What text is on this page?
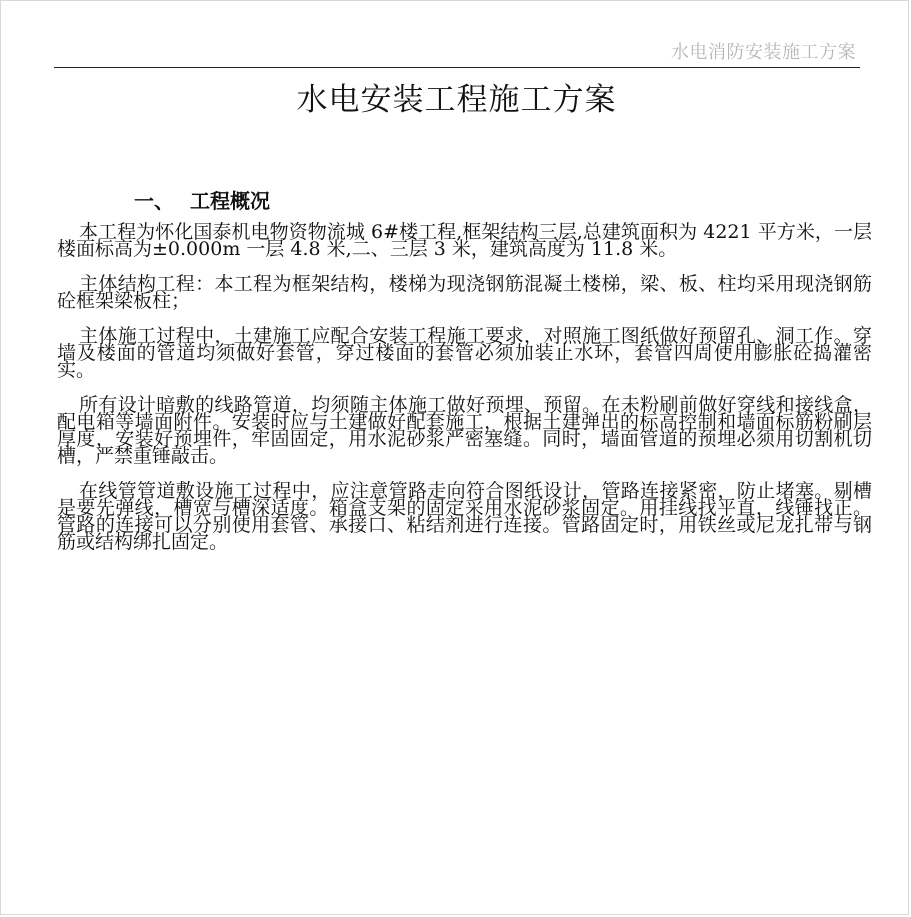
水电消防安装施工方案
水电安装工程施工方案
一、 工程概况

本工程为怀化国泰机电物资物流城 6#楼工程,框架结构三层,总建筑面积为 4221 平方米，一层楼面标高为±0.000m 一层 4.8 米,二、三层 3 米，建筑高度为 11.8 米。

主体结构工程：本工程为框架结构，楼梯为现浇钢筋混凝土楼梯，梁、板、柱均采用现浇钢筋砼框架梁板柱；

主体施工过程中，土建施工应配合安装工程施工要求，对照施工图纸做好预留孔、洞工作。穿墙及楼面的管道均须做好套管，穿过楼面的套管必须加装止水环，套管四周使用膨胀砼捣灌密实。

所有设计暗敷的线路管道，均须随主体施工做好预埋、预留。在未粉刷前做好穿线和接线盒，配电箱等墙面附件。安装时应与土建做好配套施工，根据土建弹出的标高控制和墙面标筋粉刷层厚度，安装好预埋件，牢固固定，用水泥砂浆严密塞缝。同时，墙面管道的预埋必须用切割机切槽，严禁重锤敲击。

在线管管道敷设施工过程中，应注意管路走向符合图纸设计，管路连接紧密，防止堵塞。剔槽是要先弹线，槽宽与槽深适度。箱盒支架的固定采用水泥砂浆固定。用挂线找平直，线锤找正。管路的连接可以分别使用套管、承接口、粘结剂进行连接。管路固定时，用铁丝或尼龙扎带与钢筋或结构绑扎固定。
